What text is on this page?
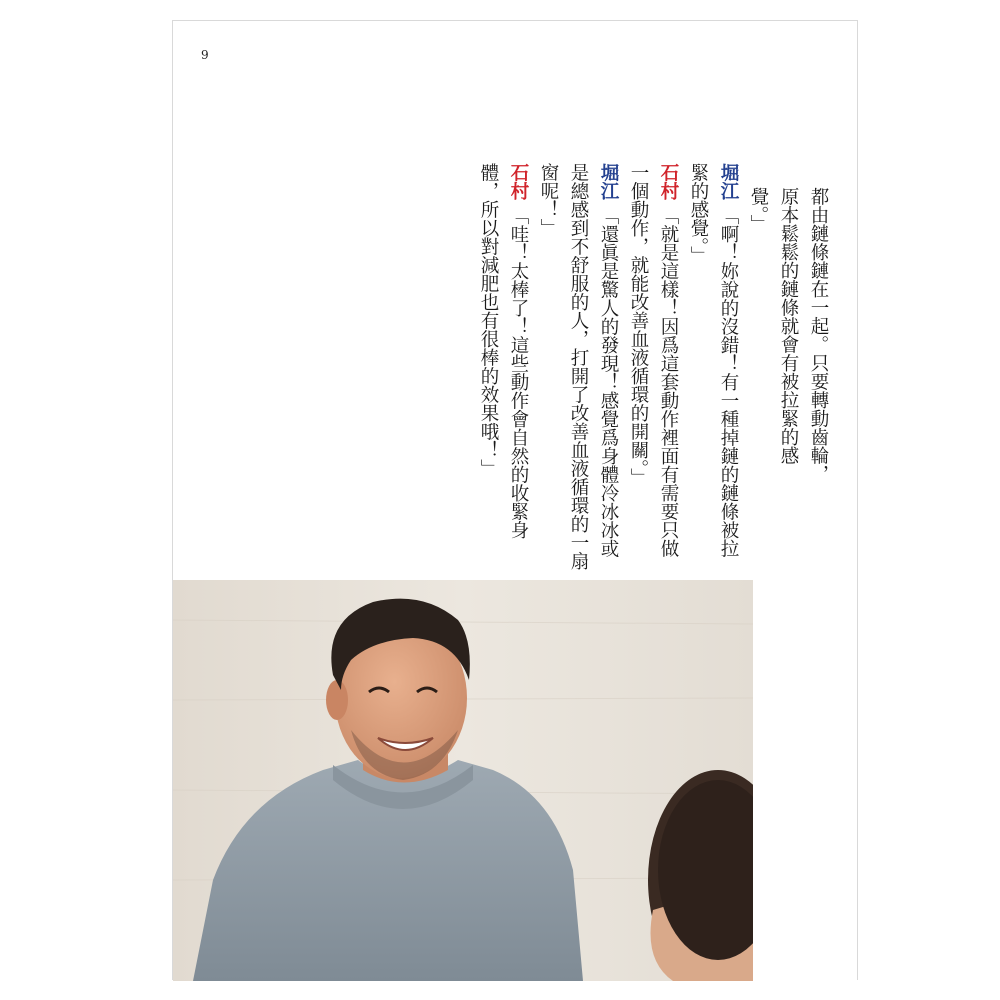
9

都由鏈條鏈在一起。只要轉動齒輪，

原本鬆鬆的鏈條就會有被拉緊的感

覺。」

堀江「啊！妳說的沒錯！有一種掉鏈的鏈條被拉緊的感覺。」

石村「就是這樣！因爲這套動作裡面有需要只做一個動作，就能改善血液循環的開關。」

堀江「還眞是驚人的發現！感覺爲身體冷冰冰或是總感到不舒服的人，打開了改善血液循環的一扇窗呢！」

石村「哇！太棒了！這些動作會自然的收緊身體，所以對減肥也有很棒的效果哦！」
